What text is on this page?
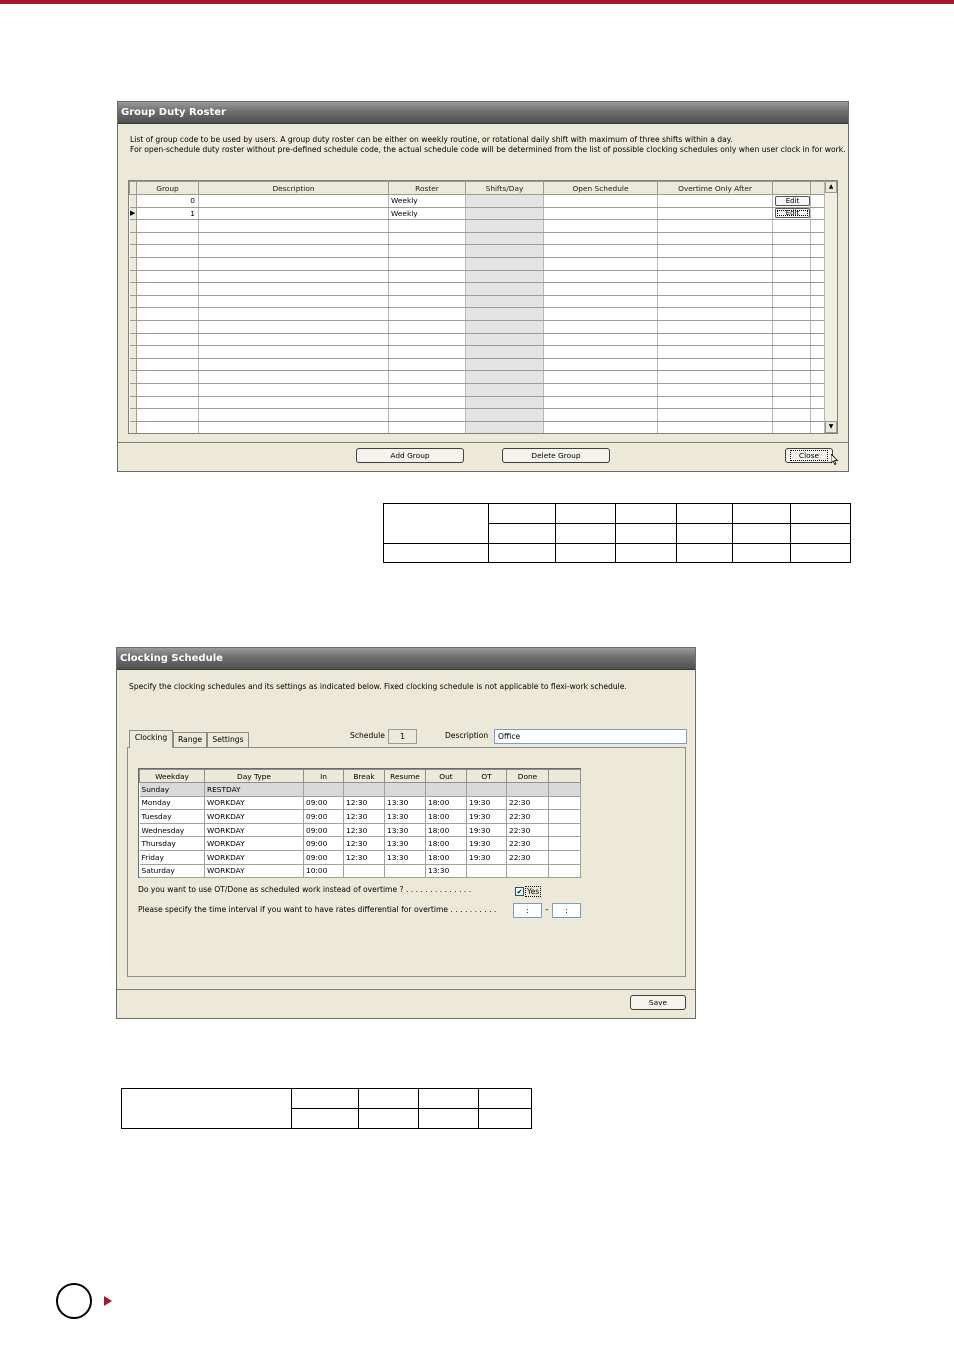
Group Duty Roster
List of group code to be used by users. A group duty roster can be either on weekly routine, or rotational daily shift with maximum of three shifts within a day.
For open-schedule duty roster without pre-defined schedule code, the actual schedule code will be determined from the list of possible clocking schedules only when user clock in for work.
	Group	Description	Roster	Shifts/Day	Open Schedule	Overtime Only After		
	0		Weekly				Edit	

▶	1		Weekly				Edit	

▲
▼
Add Group	Delete Group	Close

Clocking Schedule
Specify the clocking schedules and its settings as indicated below. Fixed clocking schedule is not applicable to flexi-work schedule.
Clocking	Range	Settings	Schedule	1	Description	Office
Weekday	Day Type	In	Break	Resume	Out	OT	Done	
Sunday	RESTDAY							
Monday	WORKDAY	09:00	12:30	13:30	18:00	19:30	22:30	
Tuesday	WORKDAY	09:00	12:30	13:30	18:00	19:30	22:30	
Wednesday	WORKDAY	09:00	12:30	13:30	18:00	19:30	22:30	
Thursday	WORKDAY	09:00	12:30	13:30	18:00	19:30	22:30	
Friday	WORKDAY	09:00	12:30	13:30	18:00	19:30	22:30	
Saturday	WORKDAY	10:00			13:30			
Do you want to use OT/Done as scheduled work instead of overtime ? . . . . . . . . . . . . . .	✔ Yes
Please specify the time interval if you want to have rates differential for overtime . . . . . . . . . .	:	–	:
Save
